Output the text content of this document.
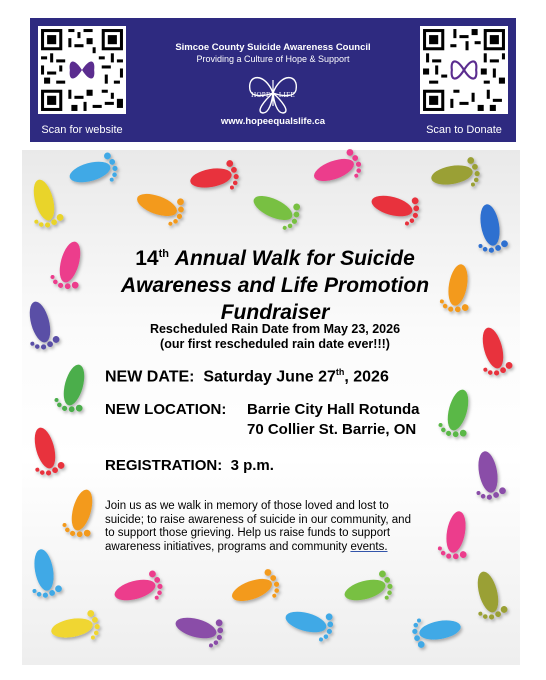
Scan for website
Simcoe County Suicide Awareness Council
Providing a Culture of Hope & Support
HOPE = LIFE
www.hopeequalslife.ca
Scan to Donate
14th Annual Walk for Suicide Awareness and Life Promotion Fundraiser
Rescheduled Rain Date from May 23, 2026
(our first rescheduled rain date ever!!!)
NEW DATE: Saturday June 27th, 2026
NEW LOCATION: Barrie City Hall Rotunda
70 Collier St. Barrie, ON
REGISTRATION: 3 p.m.
Join us as we walk in memory of those loved and lost to suicide; to raise awareness of suicide in our community, and to support those grieving. Help us raise funds to support awareness initiatives, programs and community events.
